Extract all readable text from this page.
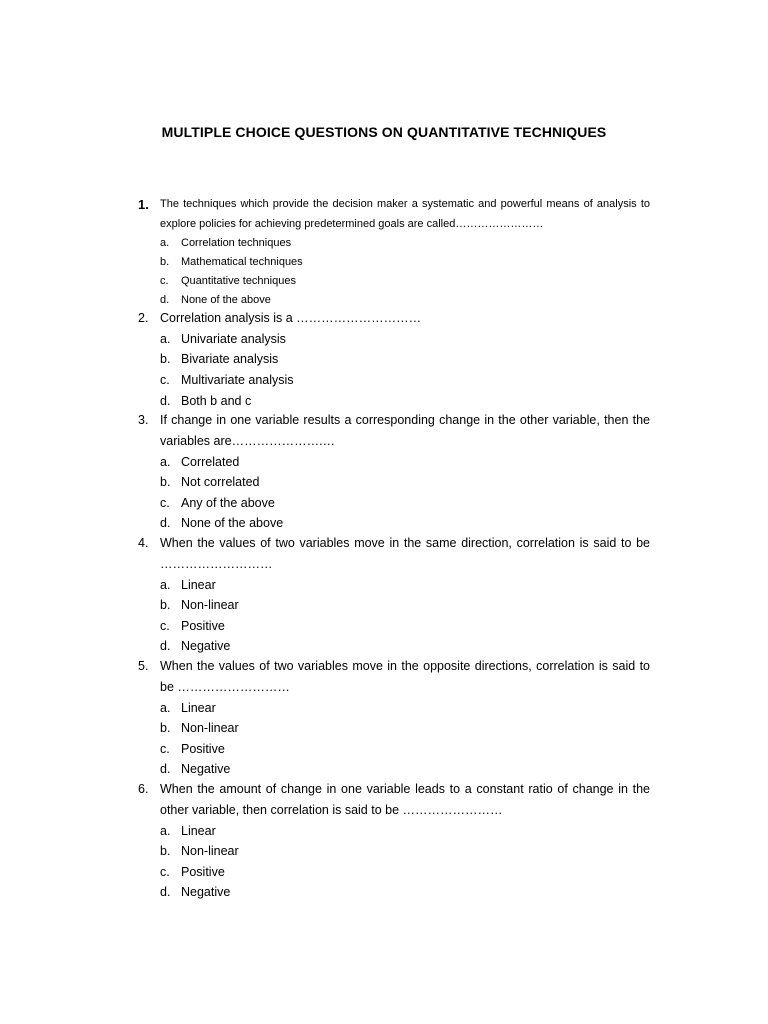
MULTIPLE CHOICE QUESTIONS ON QUANTITATIVE TECHNIQUES
1. The techniques which provide the decision maker a systematic and powerful means of analysis to explore policies for achieving predetermined goals are called……………………
a. Correlation techniques
b. Mathematical techniques
c. Quantitative techniques
d. None of the above
2. Correlation analysis is a …………………………
a. Univariate analysis
b. Bivariate analysis
c. Multivariate analysis
d. Both b and c
3. If change in one variable results a corresponding change in the other variable, then the variables are………………….…
a. Correlated
b. Not correlated
c. Any of the above
d. None of the above
4. When the values of two variables move in the same direction, correlation is said to be ………………………
a. Linear
b. Non-linear
c. Positive
d. Negative
5. When the values of two variables move in the opposite directions, correlation is said to be ………………………
a. Linear
b. Non-linear
c. Positive
d. Negative
6. When the amount of change in one variable leads to a constant ratio of change in the other variable, then correlation is said to be ……………………
a. Linear
b. Non-linear
c. Positive
d. Negative
